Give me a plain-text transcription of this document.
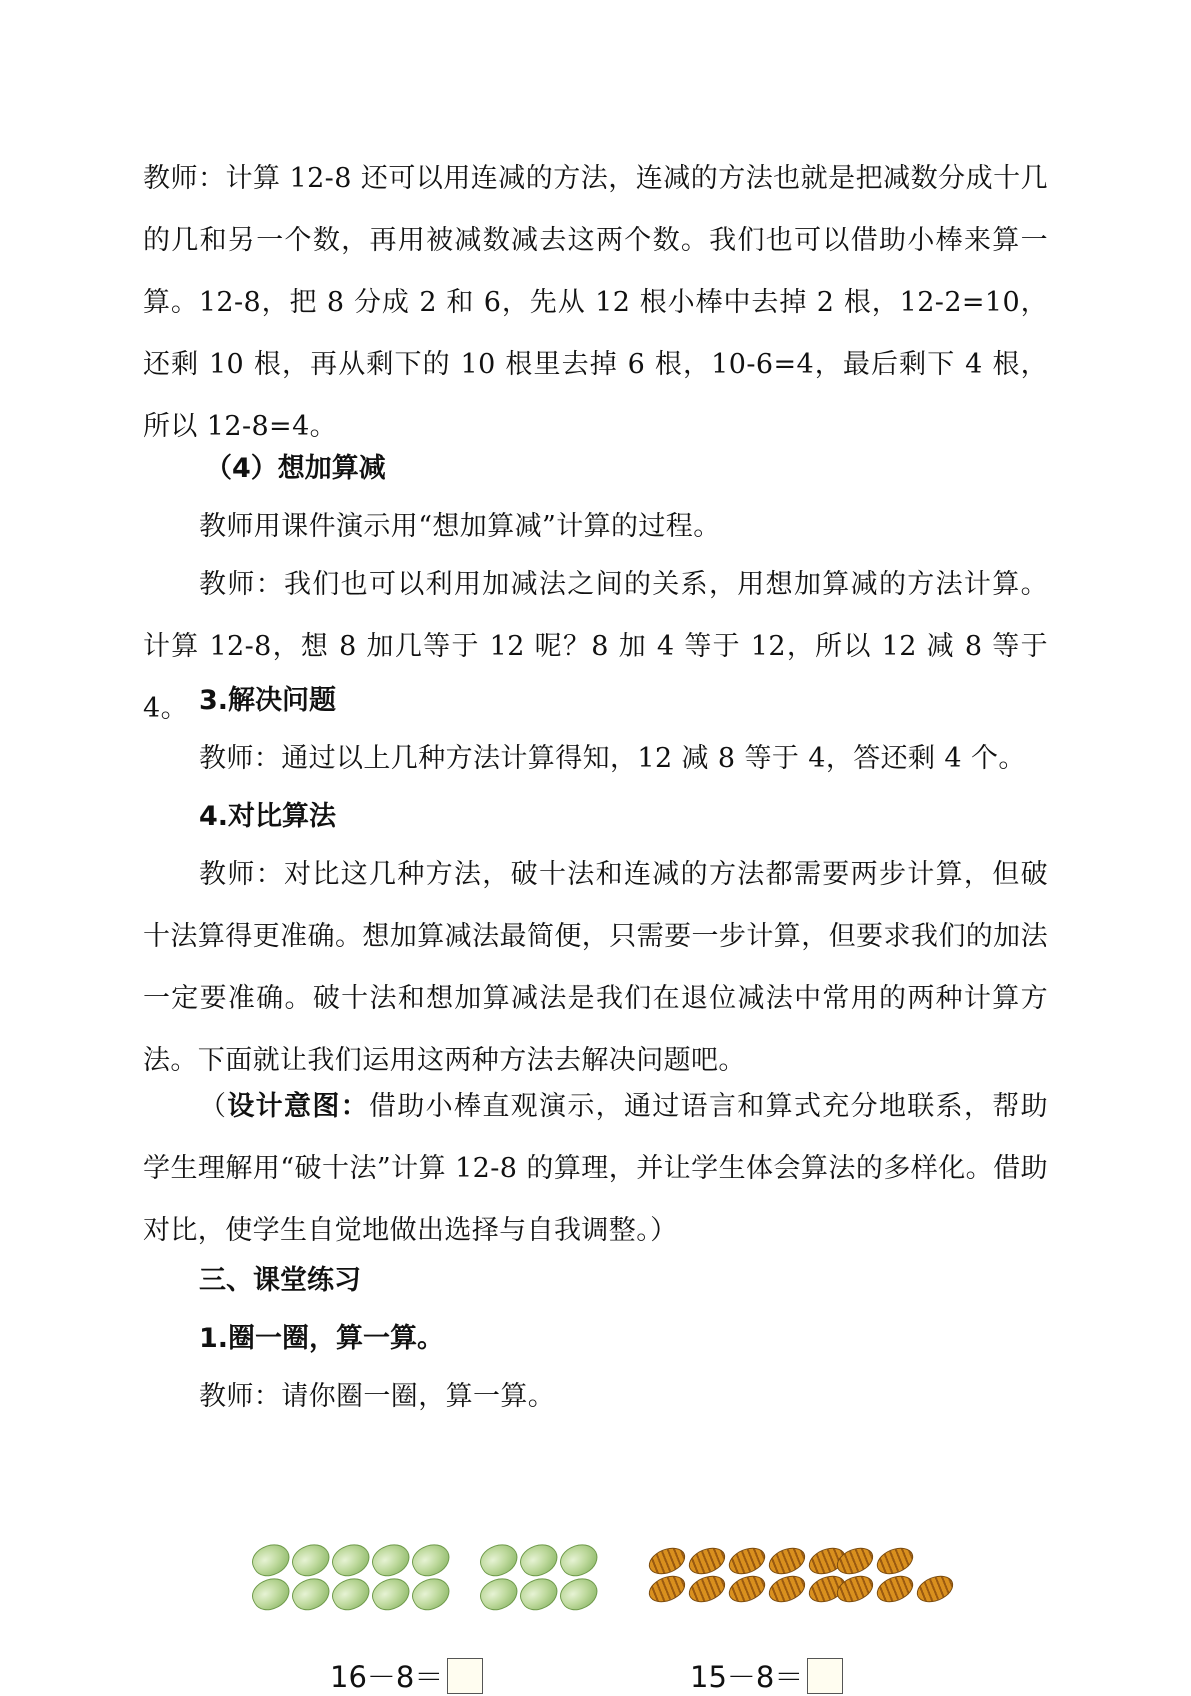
教师：计算 12-8 还可以用连减的方法，连减的方法也就是把减数分成十几的几和另一个数，再用被减数减去这两个数。我们也可以借助小棒来算一算。12-8，把 8 分成 2 和 6，先从 12 根小棒中去掉 2 根，12-2=10，还剩 10 根，再从剩下的 10 根里去掉 6 根，10-6=4，最后剩下 4 根，所以 12-8=4。

（4）想加算减

教师用课件演示用“想加算减”计算的过程。

教师：我们也可以利用加减法之间的关系，用想加算减的方法计算。计算 12-8，想 8 加几等于 12 呢？8 加 4 等于 12，所以 12 减 8 等于 4。 3.解决问题

教师：通过以上几种方法计算得知，12 减 8 等于 4，答还剩 4 个。

4.对比算法

教师：对比这几种方法，破十法和连减的方法都需要两步计算，但破十法算得更准确。想加算减法最简便，只需要一步计算，但要求我们的加法一定要准确。破十法和想加算减法是我们在退位减法中常用的两种计算方法。下面就让我们运用这两种方法去解决问题吧。

（设计意图：借助小棒直观演示，通过语言和算式充分地联系，帮助学生理解用“破十法”计算 12-8 的算理，并让学生体会算法的多样化。借助对比，使学生自觉地做出选择与自我调整。）

三、课堂练习

1.圈一圈，算一算。

教师：请你圈一圈，算一算。

16－8＝	15－8＝
